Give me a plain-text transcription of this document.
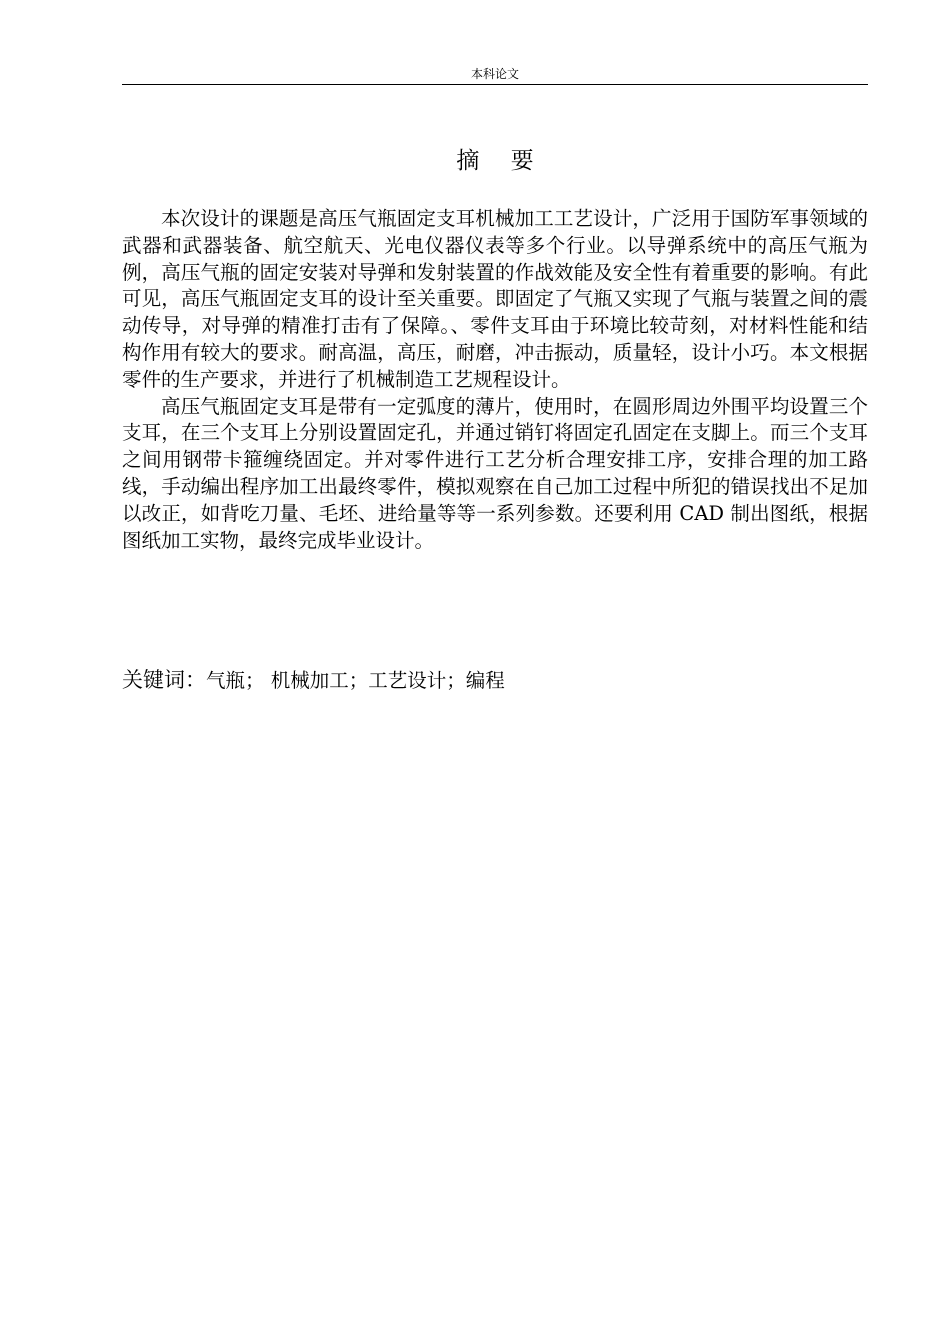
本科论文
摘 要

本次设计的课题是高压气瓶固定支耳机械加工工艺设计，广泛用于国防军事领域的武器和武器装备、航空航天、光电仪器仪表等多个行业。以导弹系统中的高压气瓶为例，高压气瓶的固定安装对导弹和发射装置的作战效能及安全性有着重要的影响。有此可见，高压气瓶固定支耳的设计至关重要。即固定了气瓶又实现了气瓶与装置之间的震动传导，对导弹的精准打击有了保障。、零件支耳由于环境比较苛刻，对材料性能和结构作用有较大的要求。耐高温，高压，耐磨，冲击振动，质量轻，设计小巧。本文根据零件的生产要求，并进行了机械制造工艺规程设计。

高压气瓶固定支耳是带有一定弧度的薄片，使用时，在圆形周边外围平均设置三个支耳，在三个支耳上分别设置固定孔，并通过销钉将固定孔固定在支脚上。而三个支耳之间用钢带卡箍缠绕固定。并对零件进行工艺分析合理安排工序，安排合理的加工路线，手动编出程序加工出最终零件，模拟观察在自己加工过程中所犯的错误找出不足加以改正，如背吃刀量、毛坯、进给量等等一系列参数。还要利用 CAD 制出图纸，根据图纸加工实物，最终完成毕业设计。

关键词：气瓶； 机械加工；工艺设计；编程
